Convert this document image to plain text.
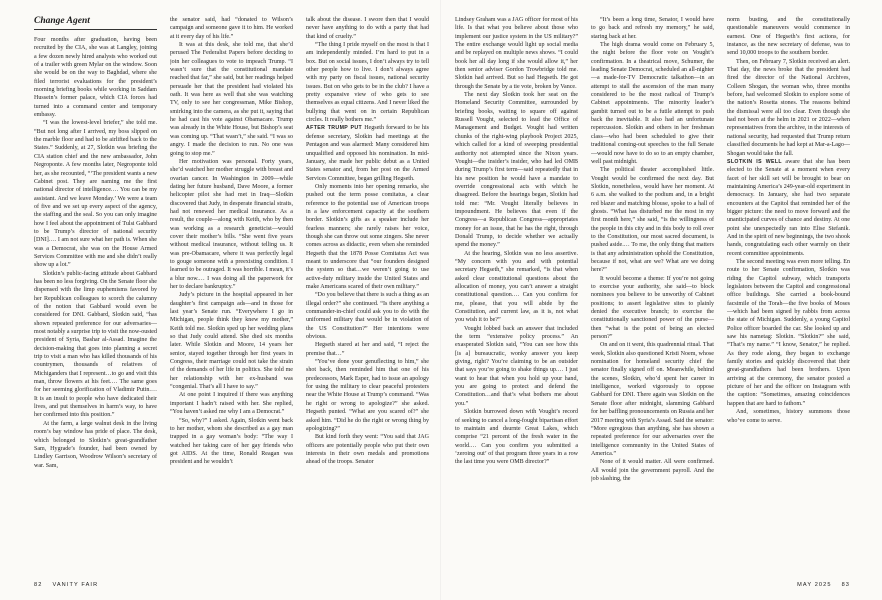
Change Agent

Four months after graduation, having been recruited by the CIA, she was at Langley, joining a few dozen newly hired analysts who worked out of a trailer with green Mylar on the window. Soon she would be on the way to Baghdad, where she filed terrorist evaluations for the president’s morning briefing books while working in Saddam Hussein’s former palace, which CIA forces had turned into a command center and temporary embassy.

“I was the lowest-level briefer,” she told me. “But not long after I arrived, my boss slipped on the marble floor and had to be airlifted back to the States.” Suddenly, at 27, Slotkin was briefing the CIA station chief and the new ambassador, John Negroponte. A few months later, Negroponte told her, as she recounted, “‘The president wants a new Cabinet post. They are naming me the first national director of intelligence.… You can be my assistant. And we leave Monday.’ We were a team of five and we set up every aspect of the agency, the staffing and the seal. So you can only imagine how I feel about the appointment of Tulsi Gabbard to be Trump’s director of national security [DNI]…. I am not sure what her path is. When she was a Democrat, she was on the House Armed Services Committee with me and she didn’t really show up a lot.”

Slotkin’s public-facing attitude about Gabbard has been no less forgiving. On the Senate floor she dispensed with the limp euphemisms favored by her Republican colleagues to scorch the calumny of the notion that Gabbard would even be considered for DNI. Gabbard, Slotkin said, “has shown repeated preference for our adversaries—most notably a surprise trip to visit the now-ousted president of Syria, Bashar al-Assad. Imagine the decision-making that goes into planning a secret trip to visit a man who has killed thousands of his countrymen, thousands of relatives of Michiganders that I represent…to go and visit this man, throw flowers at his feet.… The same goes for her seeming glorification of Vladimir Putin.… It is an insult to people who have dedicated their lives, and put themselves in harm’s way, to have her confirmed into this position.”

At the farm, a large walnut desk in the living room’s bay window has pride of place. The desk, which belonged to Slotkin’s great-grandfather Sam, Hygrade’s founder, had been owned by Lindley Garrison, Woodrow Wilson’s secretary of war. Sam,

the senator said, had “donated to Wilson’s campaign and someone gave it to him. He worked at it every day of his life.”

It was at this desk, she told me, that she’d perused The Federalist Papers before deciding to join her colleagues to vote to impeach Trump. “I wasn’t sure that the constitutional mandate reached that far,” she said, but her readings helped persuade her that the president had violated his oath. It was here as well that she was watching TV, only to see her congressman, Mike Bishop, smirking into the camera, as she put it, saying that he had cast his vote against Obamacare. Trump was already in the White House, but Bishop’s seat was coming up. “That wasn’t,” she said. “I was so angry. I made the decision to run. No one was going to stop me.”

Her motivation was personal. Forty years, she’d watched her mother struggle with breast and ovarian cancer. In Washington in 2009—while dating her future husband, Dave Moore, a former helicopter pilot she had met in Iraq—Slotkin discovered that Judy, in desperate financial straits, had not renewed her medical insurance. As a result, the couple—along with Keith, who by then was working as a research geneticist—would cover their mother’s bills. “She went five years without medical insurance, without telling us. It was pre-Obamacare, where it was perfectly legal to gouge someone with a preexisting condition. I learned to be outraged. It was horrible. I mean, it’s a blur now.… I was doing all the paperwork for her to declare bankruptcy.”

Judy’s picture in the hospital appeared in her daughter’s first campaign ads—and in those for last year’s Senate run. “Everywhere I go in Michigan, people think they knew my mother,” Keith told me. Slotkin sped up her wedding plans so that Judy could attend. She died six months later. While Slotkin and Moore, 14 years her senior, stayed together through her first years in Congress, their marriage could not take the strain of the demands of her life in politics. She told me her relationship with her ex-husband was “congenial. That’s all I have to say.”

At one point I inquired if there was anything important I hadn’t raised with her. She replied, “You haven’t asked me why I am a Democrat.”

“So, why?” I asked. Again, Slotkin went back to her mother, whom she described as a gay man trapped in a gay woman’s body: “The way I watched her taking care of her gay friends who got AIDS. At the time, Ronald Reagan was president and he wouldn’t

talk about the disease. I swore then that I would never have anything to do with a party that had that kind of cruelty.”

“The thing I pride myself on the most is that I am independently minded. I’m hard to put in a box. But on social issues, I don’t always try to tell other people how to live. I don’t always agree with my party on fiscal issues, national security issues. But on who gets to be in the club? I have a pretty expansive view of who gets to see themselves as equal citizens. And I never liked the bullying that went on in certain Republican circles. It really bothers me.”

AFTER TRUMP PUT Hegseth forward to be his defense secretary, Slotkin had meetings at the Pentagon and was alarmed: Many considered him unqualified and opposed his nomination. In mid-January, she made her public debut as a United States senator and, from her post on the Armed Services Committee, began grilling Hegseth.

Only moments into her opening remarks, she pushed out the term posse comitatus, a clear reference to the potential use of American troops in a law enforcement capacity at the southern border. Slotkin’s gifts as a speaker include her fearless manners; she rarely raises her voice, though she can throw out some zingers. She never comes across as didactic, even when she reminded Hegseth that the 1878 Posse Comitatus Act was meant to underscore that “our founders designed the system so that…we weren’t going to use active-duty military inside the United States and make Americans scared of their own military.”

“Do you believe that there is such a thing as an illegal order?” she continued. “Is there anything a commander-in-chief could ask you to do with the uniformed military that would be in violation of the US Constitution?” Her intentions were obvious.

Hegseth stared at her and said, “I reject the premise that…”

“You’ve done your genuflecting to him,” she shot back, then reminded him that one of his predecessors, Mark Esper, had to issue an apology for using the military to clear peaceful protesters near the White House at Trump’s command. “Was he right or wrong to apologize?” she asked. Hegseth punted. “What are you scared of?” she asked him. “Did he do the right or wrong thing by apologizing?”

But kind forth they went: “You said that JAG officers are potentially people who put their own interests in their own medals and promotions ahead of the troops. Senator

82 VANITY FAIR

Lindsey Graham was a JAG officer for most of his life. Is that what you believe about those who implement our justice system in the US military?” The entire exchange would light up social media and be replayed on multiple news shows. “I could book her all day long if she would allow it,” her then senior adviser Gordon Trowbridge told me. Slotkin had arrived. But so had Hegseth. He got through the Senate by a tie vote, broken by Vance.

The next day Slotkin took her seat on the Homeland Security Committee, surrounded by briefing books, waiting to square off against Russell Vought, selected to lead the Office of Management and Budget. Vought had written chunks of the right-wing playbook Project 2025, which called for a kind of sweeping presidential authority not attempted since the Nixon years. Vought—the insider’s insider, who had led OMB during Trump’s first term—said repeatedly that in his new position he would have a mandate to override congressional acts with which he disagreed. Before the hearings began, Slotkin had told me: “Mr. Vought literally believes in impoundment. He believes that even if the Congress—a Republican Congress—appropriates money for an issue, that he has the right, through Donald Trump, to decide whether we actually spend the money.”

At the hearing, Slotkin was no less assertive. “My concern with you and with potential secretary Hegseth,” she remarked, “is that when asked clear constitutional questions about the allocation of money, you can’t answer a straight constitutional question.… Can you confirm for me, please, that you will abide by the Constitution, and current law, as it is, not what you wish it to be?”

Vought lobbed back an answer that included the term “extensive policy process.” An exasperated Slotkin said, “You can see how this [is a] bureaucratic, wonky answer you keep giving, right? You’re claiming to be an outsider that says you’re going to shake things up.… I just want to hear that when you hold up your hand, you are going to protect and defend the Constitution…and that’s what bothers me about you.”

Slotkin burrowed down with Vought’s record of seeking to cancel a long-fought bipartisan effort to maintain and dsurnte Great Lakes, which comprise “21 percent of the fresh water in the world.… Can you confirm you submitted a ‘zeroing out’ of that program three years in a row the last time you were OMB director?”

“It’s been a long time, Senator, I would have to go back and refresh my memory,” he said, staring back at her.

The high drama would come on February 5, the night before the floor vote on Vought’s confirmation. In a theatrical move, Schumer, the leading Senate Democrat, scheduled an all-nighter—a made-for-TV Democratic talkathon—in an attempt to stall the ascension of the man many considered to be the most radical of Trump’s Cabinet appointments. The minority leader’s gambit turned out to be a futile attempt to push back the inevitable. It also had an unfortunate repercussion. Slotkin and others in her freshman class—who had been scheduled to give their traditional coming-out speeches to the full Senate—would now have to do so to an empty chamber, well past midnight.

The political theater accomplished little. Vought would be confirmed the next day. But Slotkin, nonetheless, would have her moment. At 6 a.m. she walked to the podium and, in a bright red blazer and matching blouse, spoke to a hall of ghosts. “What has disturbed me the most in my first month here,” she said, “is the willingness of the people in this city and in this body to roll over to the Constitution, our most sacred document, is pushed aside.… To me, the only thing that matters is that any administration uphold the Constitution, because if not, what are we? What are we doing here?”

It would become a theme: If you’re not going to exercise your authority, she said—to block nominees you believe to be unworthy of Cabinet positions; to assert legislative sites to plainly denied the executive branch; to exercise the constitutionally sanctioned power of the purse—then “what is the point of being an elected person?”

On and on it went, this quadrennial ritual. That week, Slotkin also questioned Kristi Noem, whose nomination for homeland security chief the senator finally signed off on. Meanwhile, behind the scenes, Slotkin, who’d spent her career in intelligence, worked vigorously to oppose Gabbard for DNI. There again was Slotkin on the Senate floor after midnight, slamming Gabbard for her baffling pronouncements on Russia and her 2017 meeting with Syria’s Assad. Said the senator: “More egregious than anything, she has shown a repeated preference for our adversaries over the intelligence community in the United States of America.”

None of it would matter. All were confirmed. All would join the government payroll. And the job slashing, the

norm busting, and the constitutionally questionable maneuvers would commence in earnest. One of Hegseth’s first actions, for instance, as the new secretary of defense, was to send 10,000 troops to the southern border.

Then, on February 7, Slotkin received an alert. That day, the news broke that the president had fired the director of the National Archives, Colleen Shogan, the woman who, three months before, had welcomed Slotkin to explore some of the nation’s Rosetta stones. The reasons behind the dismissal were all too clear. Even though she had not been at the helm in 2021 or 2022—when representatives from the archive, in the interests of national security, had requested that Trump return classified documents he had kept at Mar-a-Lago—Shogan would take the fall.

SLOTKIN IS WELL aware that she has been elected to the Senate at a moment when every facet of her skill set will be brought to bear on maintaining America’s 249-year-old experiment in democracy. In January, she had two separate encounters at the Capitol that reminded her of the bigger picture: the need to move forward and the unanticipated curves of chance and destiny. At one point she unexpectedly ran into Elise Stefanik. And in the spirit of new beginnings, the two shook hands, congratulating each other warmly on their recent committee appointments.

The second meeting was even more telling. En route to her Senate confirmation, Slotkin was riding the Capitol subway, which transports legislators between the Capitol and congressional office buildings. She carried a book-bound facsimile of the Torah—the five books of Moses—which had been signed by rabbis from across the state of Michigan. Suddenly, a young Capitol Police officer boarded the car. She looked up and saw his nametag: Slotkin. “Slotkin?” she said, “That’s my name.” “I know, Senator,” he replied. As they rode along, they began to exchange family stories and quickly discovered that their great-grandfathers had been brothers. Upon arriving at the ceremony, the senator posted a picture of her and the officer on Instagram with the caption: “Sometimes, amazing coincidences happen that are hard to fathom.”

And, sometimes, history summons those who’ve come to serve.

MAY 2025 83
